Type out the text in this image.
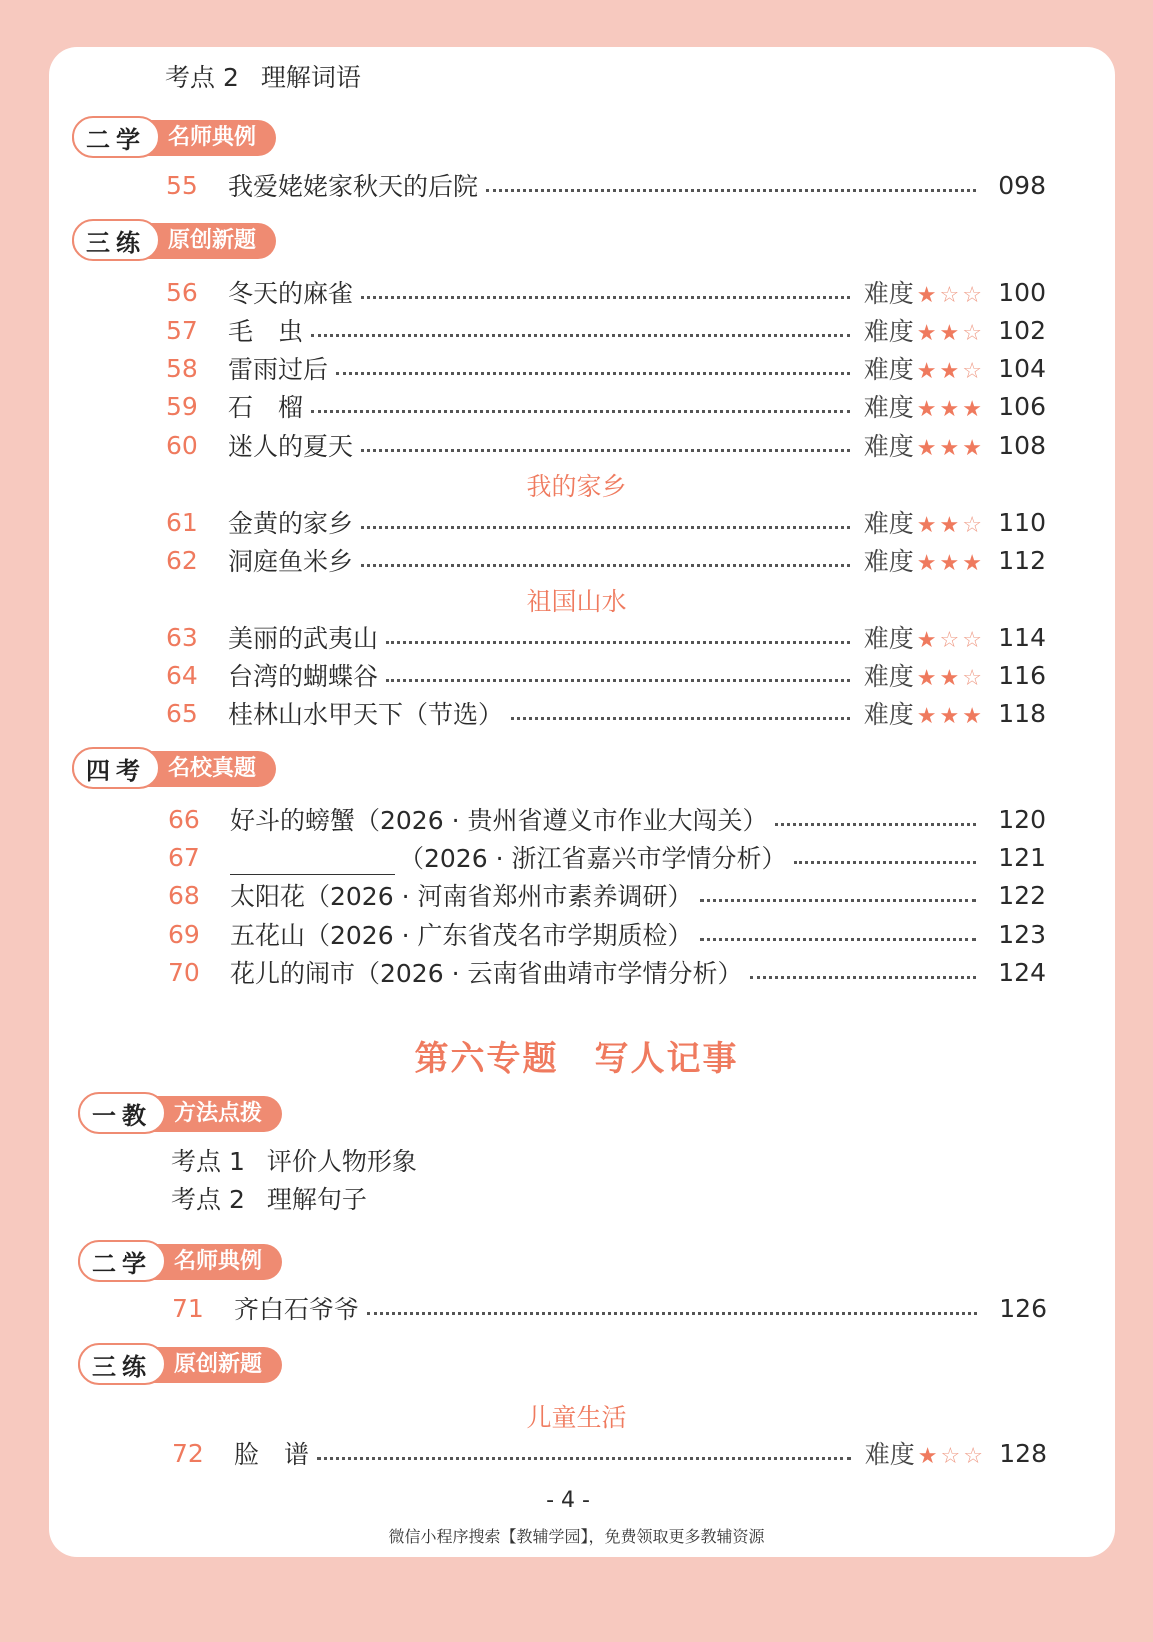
考点 2 理解词语
二学	名师典例
55	我爱姥姥家秋天的后院	098
三练	原创新题
56	冬天的麻雀	难度 ★ ☆ ☆ 100
57	毛　虫	难度 ★ ★ ☆ 102
58	雷雨过后	难度 ★ ★ ☆ 104
59	石　榴	难度 ★ ★ ★ 106
60	迷人的夏天	难度 ★ ★ ★ 108
我的家乡
61	金黄的家乡	难度 ★ ★ ☆ 110
62	洞庭鱼米乡	难度 ★ ★ ★ 112
祖国山水
63	美丽的武夷山	难度 ★ ☆ ☆ 114
64	台湾的蝴蝶谷	难度 ★ ★ ☆ 116
65	桂林山水甲天下（节选）	难度 ★ ★ ★ 118
四考	名校真题
66	好斗的螃蟹（2026 · 贵州省遵义市作业大闯关）	120
67	（2026 · 浙江省嘉兴市学情分析）	121
68	太阳花（2026 · 河南省郑州市素养调研）	122
69	五花山（2026 · 广东省茂名市学期质检）	123
70	花儿的闹市（2026 · 云南省曲靖市学情分析）	124
第六专题　写人记事
一教	方法点拨
考点 1 评价人物形象
考点 2 理解句子
二学	名师典例
71	齐白石爷爷	126
三练	原创新题
儿童生活
72	脸　谱	难度 ★ ☆ ☆ 128
- 4 -
微信小程序搜索【教辅学园】，免费领取更多教辅资源
